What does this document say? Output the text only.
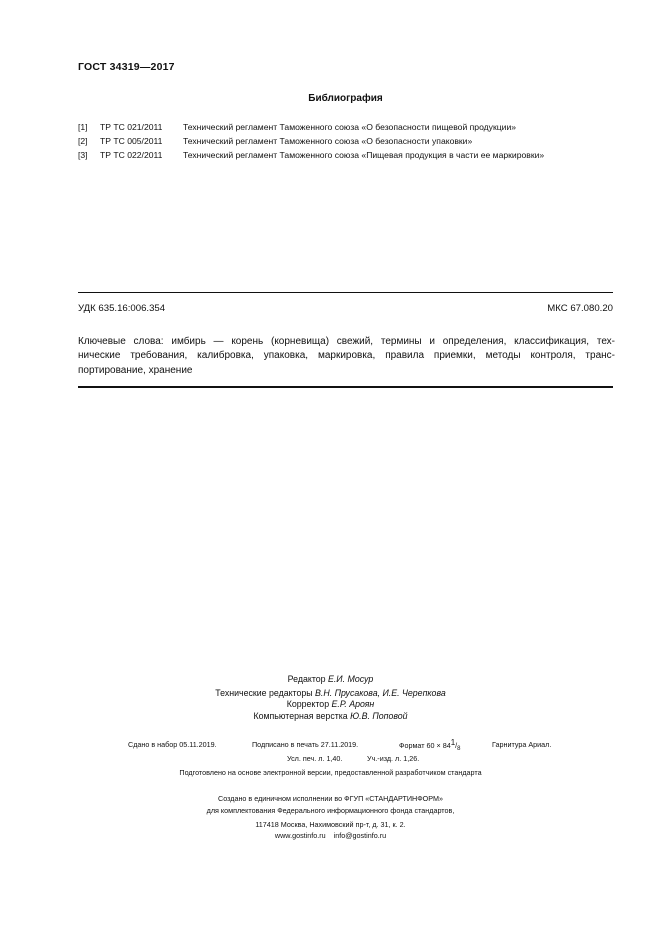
ГОСТ 34319—2017
Библиография
[1] ТР ТС 021/2011 Технический регламент Таможенного союза «О безопасности пищевой продукции»
[2] ТР ТС 005/2011 Технический регламент Таможенного союза «О безопасности упаковки»
[3] ТР ТС 022/2011 Технический регламент Таможенного союза «Пищевая продукция в части ее маркировки»
УДК 635.16:006.354	МКС 67.080.20
Ключевые слова: имбирь — корень (корневища) свежий, термины и определения, классификация, тех-
нические требования, калибровка, упаковка, маркировка, правила приемки, методы контроля, транс-
портирование, хранение
Редактор Е.И. Мосур
Технические редакторы В.Н. Прусакова, И.Е. Черепкова
Корректор Е.Р. Ароян
Компьютерная верстка Ю.В. Поповой
Сдано в набор 05.11.2019.	Подписано в печать 27.11.2019.	Формат $60 \times 84^1/_8$	Гарнитура Ариал.
Усл. печ. л. 1,40.	Уч.-изд. л. 1,26.
Подготовлено на основе электронной версии, предоставленной разработчиком стандарта
Создано в единичном исполнении во ФГУП «СТАНДАРТИНФОРМ»
для комплектования Федерального информационного фонда стандартов,
117418 Москва, Нахимовский пр-т, д. 31, к. 2.
www.gostinfo.ru info@gostinfo.ru
